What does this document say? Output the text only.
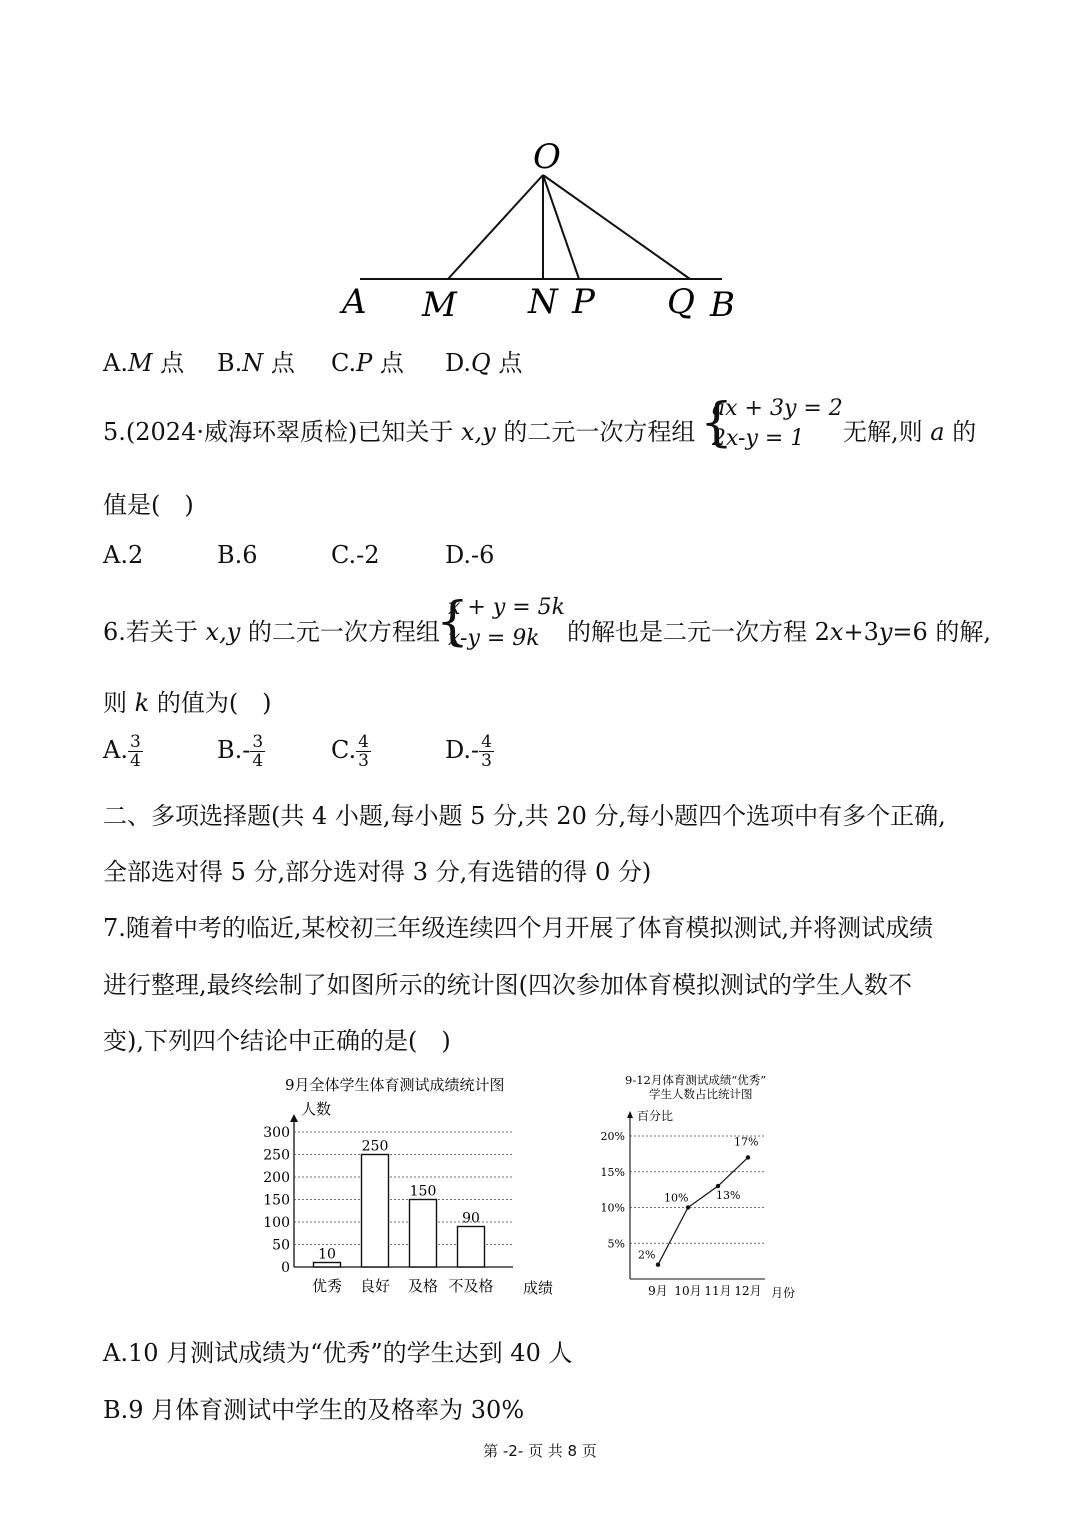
O
A M N P Q B
A.M 点 B.N 点 C.P 点 D.Q 点
5.(2024·威海环翠质检)已知关于 x,y 的二元一次方程组 {
ax + 3y = 2
2x-y = 1 无解,则 a 的
值是(　)
A.2	B.6	C.-2	D.-6
6.若关于 x,y 的二元一次方程组
{
x + y = 5k
x-y = 9k 的解也是二元一次方程 2x+3y=6 的解,
则 k 的值为(　)
A. $\frac{3}{4}$	$B.- \frac{3}{4}$	C. $\frac{4}{3}$	$D.- \frac{4}{3}$
二、多项选择题(共 4 小题,每小题 5 分,共 20 分,每小题四个选项中有多个正确,
全部选对得 5 分,部分选对得 3 分,有选错的得 0 分)
7.随着中考的临近,某校初三年级连续四个月开展了体育模拟测试,并将测试成绩
进行整理,最终绘制了如图所示的统计图(四次参加体育模拟测试的学生人数不
变),下列四个结论中正确的是(　)
9月全体学生体育测试成绩统计图
人数
成绩
0
50
100
150
200
250
300
10
优秀
250
良好
150
及格
90
不及格
9-12月体育测试成绩“优秀”
学生人数占比统计图
百分比
月份
5%
10%
15%
20%
2%
9月
10%
10月
13%
11月
17%
12月
A.10 月测试成绩为“优秀”的学生达到 40 人
B.9 月体育测试中学生的及格率为 30%
第 -2- 页 共 8 页
